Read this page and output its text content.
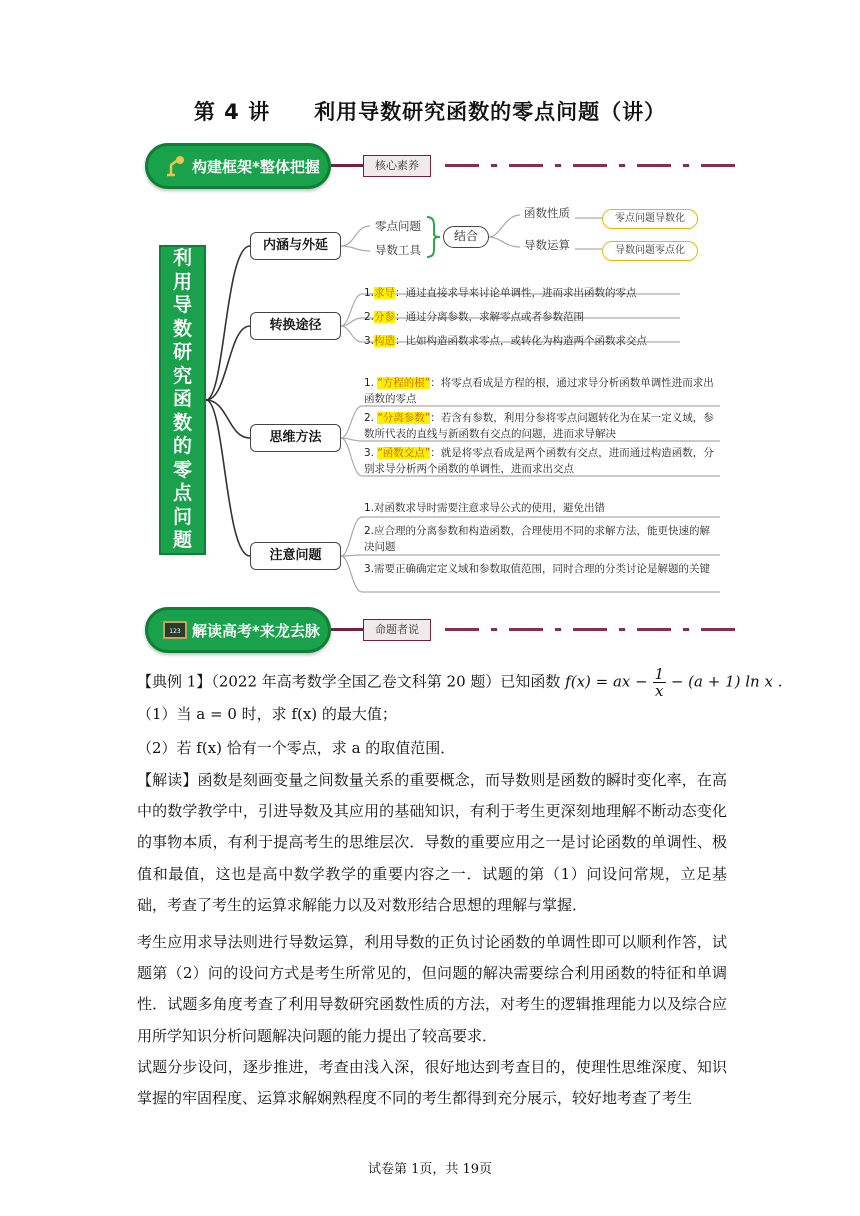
第 4 讲 利用导数研究函数的零点问题（讲）
构建框架*整体把握	核心素养
利
用
导
数
研
究
函
数
的
零
点
问
题
内涵与外延
转换途径
思维方法
注意问题
零点问题
导数工具
结合
函数性质
导数运算
零点问题导数化
导数问题零点化
1.求导：通过直接求导来讨论单调性，进而求出函数的零点
2.分参：通过分离参数，求解零点或者参数范围
3.构造：比如构造函数求零点，或转化为构造两个函数求交点
1. “方程的根”：将零点看成是方程的根，通过求导分析函数单调性进而求出函数的零点
2. “分离参数”：若含有参数，利用分参将零点问题转化为在某一定义域，参数所代表的直线与新函数有交点的问题，进而求导解决
3. “函数交点”：就是将零点看成是两个函数有交点，进而通过构造函数，分别求导分析两个函数的单调性，进而求出交点
1.对函数求导时需要注意求导公式的使用，避免出错
2.应合理的分离参数和构造函数，合理使用不同的求解方法，能更快速的解决问题
3.需要正确确定定义域和参数取值范围，同时合理的分类讨论是解题的关键
123 解读高考*来龙去脉	命题者说
【典例 1】（2022 年高考数学全国乙卷文科第 20 题）已知函数 f(x) = ax − $\frac{1}{x} - (a + 1)$ ln x .
（1）当 a = 0 时，求 f(x) 的最大值；
（2）若 f(x) 恰有一个零点，求 a 的取值范围．
【解读】函数是刻画变量之间数量关系的重要概念，而导数则是函数的瞬时变化率，在高中的数学教学中，引进导数及其应用的基础知识，有利于考生更深刻地理解不断动态变化的事物本质，有利于提高考生的思维层次．导数的重要应用之一是讨论函数的单调性、极值和最值，这也是高中数学教学的重要内容之一．试题的第（1）问设问常规，立足基础，考查了考生的运算求解能力以及对数形结合思想的理解与掌握．
考生应用求导法则进行导数运算，利用导数的正负讨论函数的单调性即可以顺利作答，试题第（2）问的设问方式是考生所常见的，但问题的解决需要综合利用函数的特征和单调性．试题多角度考查了利用导数研究函数性质的方法，对考生的逻辑推理能力以及综合应用所学知识分析问题解决问题的能力提出了较高要求．
试题分步设问，逐步推进，考查由浅入深，很好地达到考查目的，使理性思维深度、知识掌握的牢固程度、运算求解娴熟程度不同的考生都得到充分展示，较好地考查了考生
试卷第 1页，共 19页
